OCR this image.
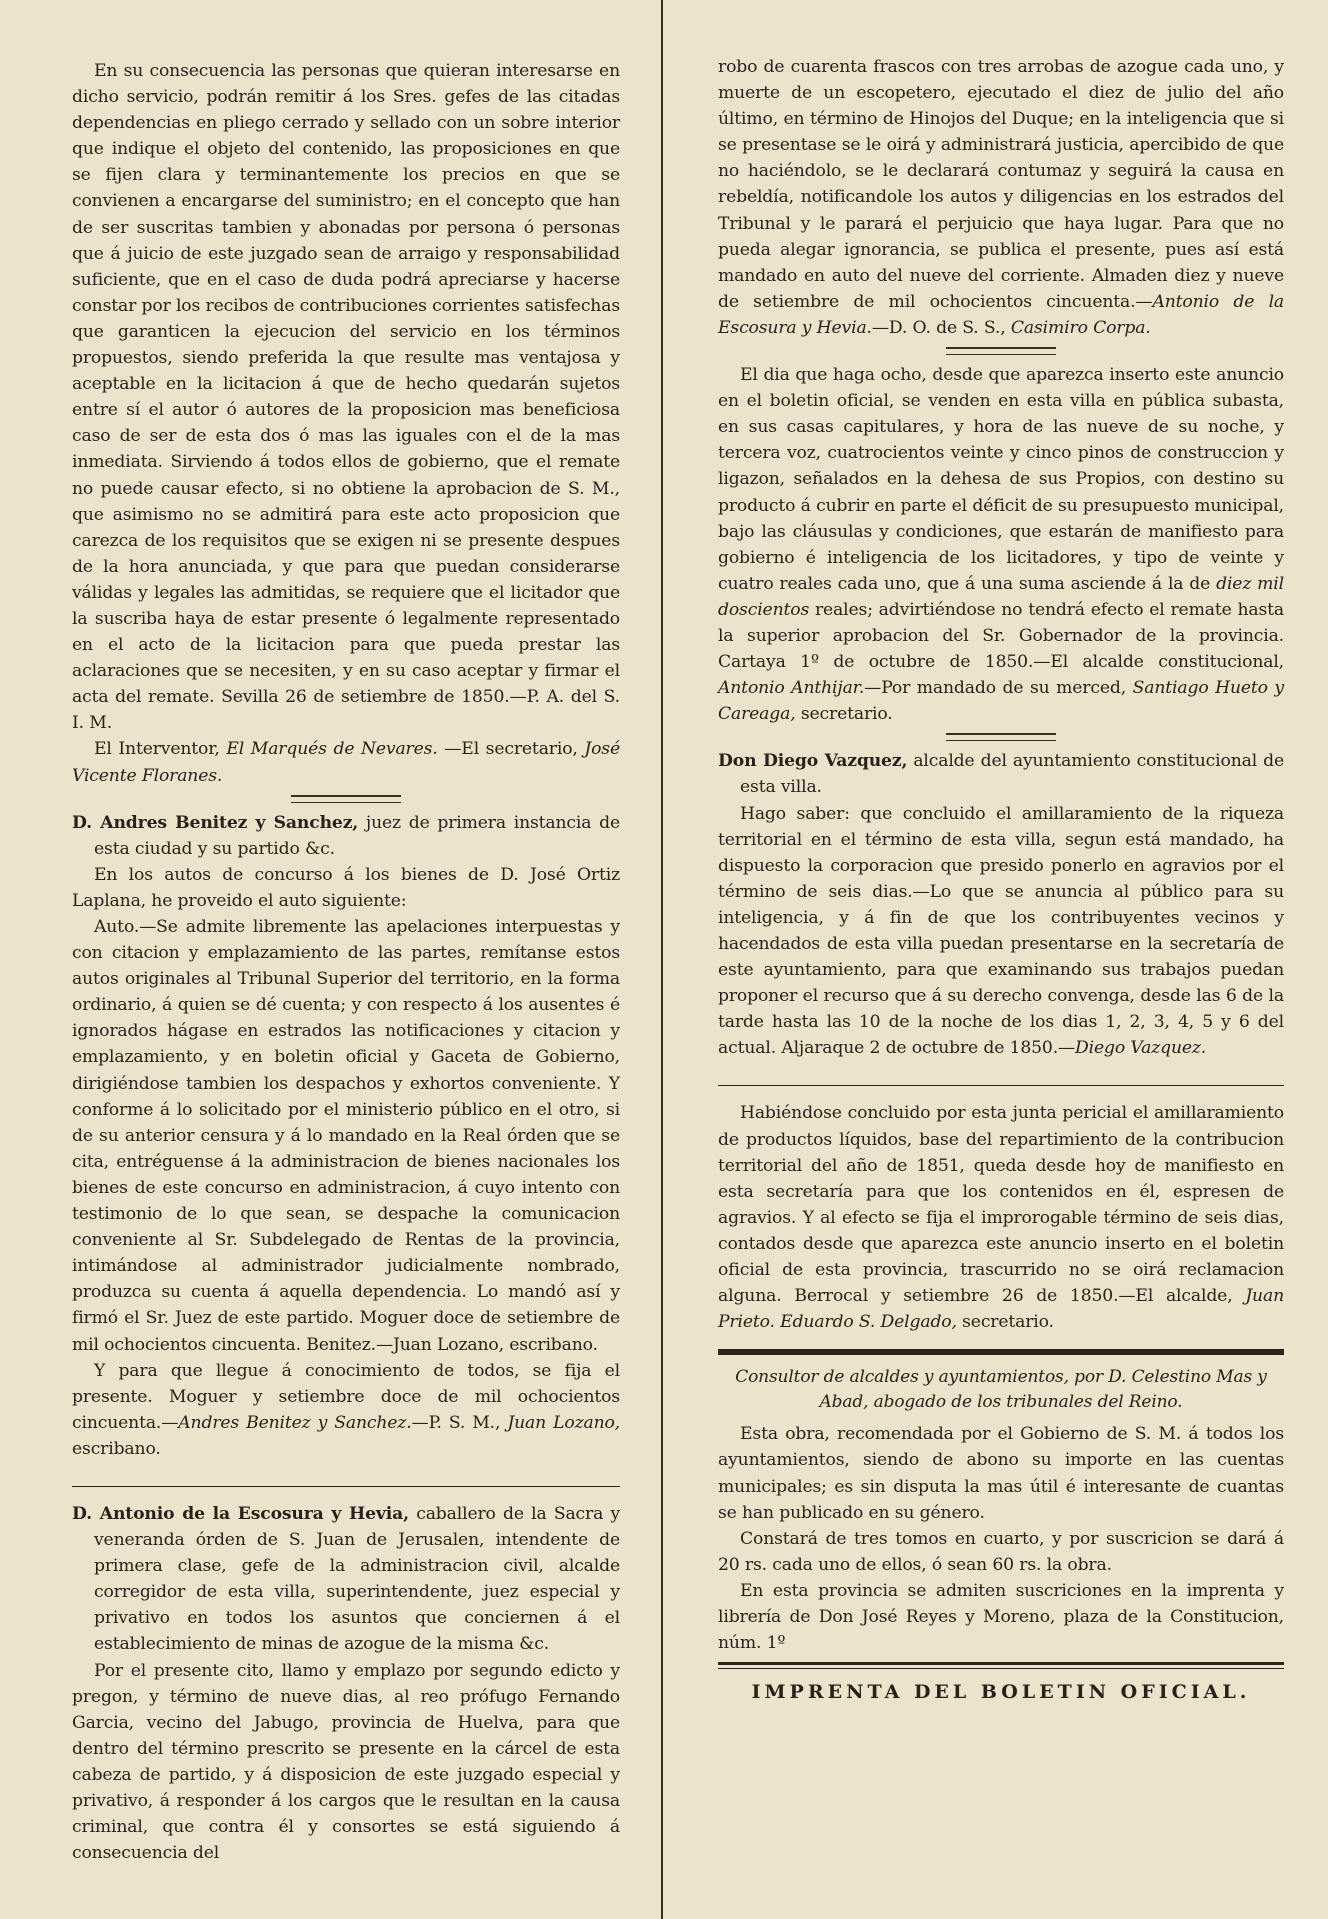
En su consecuencia las personas que quieran interesarse en dicho servicio, podrán remitir á los Sres. gefes de las citadas dependencias en pliego cerrado y sellado con un sobre interior que indique el objeto del contenido, las proposiciones en que se fijen clara y terminantemente los precios en que se convienen a encargarse del suministro; en el concepto que han de ser suscritas tambien y abonadas por persona ó personas que á juicio de este juzgado sean de arraigo y responsabilidad suficiente, que en el caso de duda podrá apreciarse y hacerse constar por los recibos de contribuciones corrientes satisfechas que garanticen la ejecucion del servicio en los términos propuestos, siendo preferida la que resulte mas ventajosa y aceptable en la licitacion á que de hecho quedarán sujetos entre sí el autor ó autores de la proposicion mas beneficiosa caso de ser de esta dos ó mas las iguales con el de la mas inmediata. Sirviendo á todos ellos de gobierno, que el remate no puede causar efecto, si no obtiene la aprobacion de S. M., que asimismo no se admitirá para este acto proposicion que carezca de los requisitos que se exigen ni se presente despues de la hora anunciada, y que para que puedan considerarse válidas y legales las admitidas, se requiere que el licitador que la suscriba haya de estar presente ó legalmente representado en el acto de la licitacion para que pueda prestar las aclaraciones que se necesiten, y en su caso aceptar y firmar el acta del remate. Sevilla 26 de setiembre de 1850.—P. A. del S. I. M.

El Interventor, El Marqués de Nevares. —El secretario, José Vicente Floranes.

D. Andres Benitez y Sanchez, juez de primera instancia de esta ciudad y su partido &c.

En los autos de concurso á los bienes de D. José Ortiz Laplana, he proveido el auto siguiente:

Auto.—Se admite libremente las apelaciones interpuestas y con citacion y emplazamiento de las partes, remítanse estos autos originales al Tribunal Superior del territorio, en la forma ordinario, á quien se dé cuenta; y con respecto á los ausentes é ignorados hágase en estrados las notificaciones y citacion y emplazamiento, y en boletin oficial y Gaceta de Gobierno, dirigiéndose tambien los despachos y exhortos conveniente. Y conforme á lo solicitado por el ministerio público en el otro, si de su anterior censura y á lo mandado en la Real órden que se cita, entréguense á la administracion de bienes nacionales los bienes de este concurso en administracion, á cuyo intento con testimonio de lo que sean, se despache la comunicacion conveniente al Sr. Subdelegado de Rentas de la provincia, intimándose al administrador judicialmente nombrado, produzca su cuenta á aquella dependencia. Lo mandó así y firmó el Sr. Juez de este partido. Moguer doce de setiembre de mil ochocientos cincuenta. Benitez.—Juan Lozano, escribano.

Y para que llegue á conocimiento de todos, se fija el presente. Moguer y setiembre doce de mil ochocientos cincuenta.—Andres Benitez y Sanchez.—P. S. M., Juan Lozano, escribano.

D. Antonio de la Escosura y Hevia, caballero de la Sacra y veneranda órden de S. Juan de Jerusalen, intendente de primera clase, gefe de la administracion civil, alcalde corregidor de esta villa, superintendente, juez especial y privativo en todos los asuntos que conciernen á el establecimiento de minas de azogue de la misma &c.

Por el presente cito, llamo y emplazo por segundo edicto y pregon, y término de nueve dias, al reo prófugo Fernando Garcia, vecino del Jabugo, provincia de Huelva, para que dentro del término prescrito se presente en la cárcel de esta cabeza de partido, y á disposicion de este juzgado especial y privativo, á responder á los cargos que le resultan en la causa criminal, que contra él y consortes se está siguiendo á consecuencia del

robo de cuarenta frascos con tres arrobas de azogue cada uno, y muerte de un escopetero, ejecutado el diez de julio del año último, en término de Hinojos del Duque; en la inteligencia que si se presentase se le oirá y administrará justicia, apercibido de que no haciéndolo, se le declarará contumaz y seguirá la causa en rebeldía, notificandole los autos y diligencias en los estrados del Tribunal y le parará el perjuicio que haya lugar. Para que no pueda alegar ignorancia, se publica el presente, pues así está mandado en auto del nueve del corriente. Almaden diez y nueve de setiembre de mil ochocientos cincuenta.—Antonio de la Escosura y Hevia.—D. O. de S. S., Casimiro Corpa.

El dia que haga ocho, desde que aparezca inserto este anuncio en el boletin oficial, se venden en esta villa en pública subasta, en sus casas capitulares, y hora de las nueve de su noche, y tercera voz, cuatrocientos veinte y cinco pinos de construccion y ligazon, señalados en la dehesa de sus Propios, con destino su producto á cubrir en parte el déficit de su presupuesto municipal, bajo las cláusulas y condiciones, que estarán de manifiesto para gobierno é inteligencia de los licitadores, y tipo de veinte y cuatro reales cada uno, que á una suma asciende á la de diez mil doscientos reales; advirtiéndose no tendrá efecto el remate hasta la superior aprobacion del Sr. Gobernador de la provincia. Cartaya 1º de octubre de 1850.—El alcalde constitucional, Antonio Anthijar.—Por mandado de su merced, Santiago Hueto y Careaga, secretario.

Don Diego Vazquez, alcalde del ayuntamiento constitucional de esta villa.

Hago saber: que concluido el amillaramiento de la riqueza territorial en el término de esta villa, segun está mandado, ha dispuesto la corporacion que presido ponerlo en agravios por el término de seis dias.—Lo que se anuncia al público para su inteligencia, y á fin de que los contribuyentes vecinos y hacendados de esta villa puedan presentarse en la secretaría de este ayuntamiento, para que examinando sus trabajos puedan proponer el recurso que á su derecho convenga, desde las 6 de la tarde hasta las 10 de la noche de los dias 1, 2, 3, 4, 5 y 6 del actual. Aljaraque 2 de octubre de 1850.—Diego Vazquez.

Habiéndose concluido por esta junta pericial el amillaramiento de productos líquidos, base del repartimiento de la contribucion territorial del año de 1851, queda desde hoy de manifiesto en esta secretaría para que los contenidos en él, espresen de agravios. Y al efecto se fija el improrogable término de seis dias, contados desde que aparezca este anuncio inserto en el boletin oficial de esta provincia, trascurrido no se oirá reclamacion alguna. Berrocal y setiembre 26 de 1850.—El alcalde, Juan Prieto. Eduardo S. Delgado, secretario.

Consultor de alcaldes y ayuntamientos, por D. Celestino Mas y Abad, abogado de los tribunales del Reino.

Esta obra, recomendada por el Gobierno de S. M. á todos los ayuntamientos, siendo de abono su importe en las cuentas municipales; es sin disputa la mas útil é interesante de cuantas se han publicado en su género.

Constará de tres tomos en cuarto, y por suscricion se dará á 20 rs. cada uno de ellos, ó sean 60 rs. la obra.

En esta provincia se admiten suscriciones en la imprenta y librería de Don José Reyes y Moreno, plaza de la Constitucion, núm. 1º

IMPRENTA DEL BOLETIN OFICIAL.
